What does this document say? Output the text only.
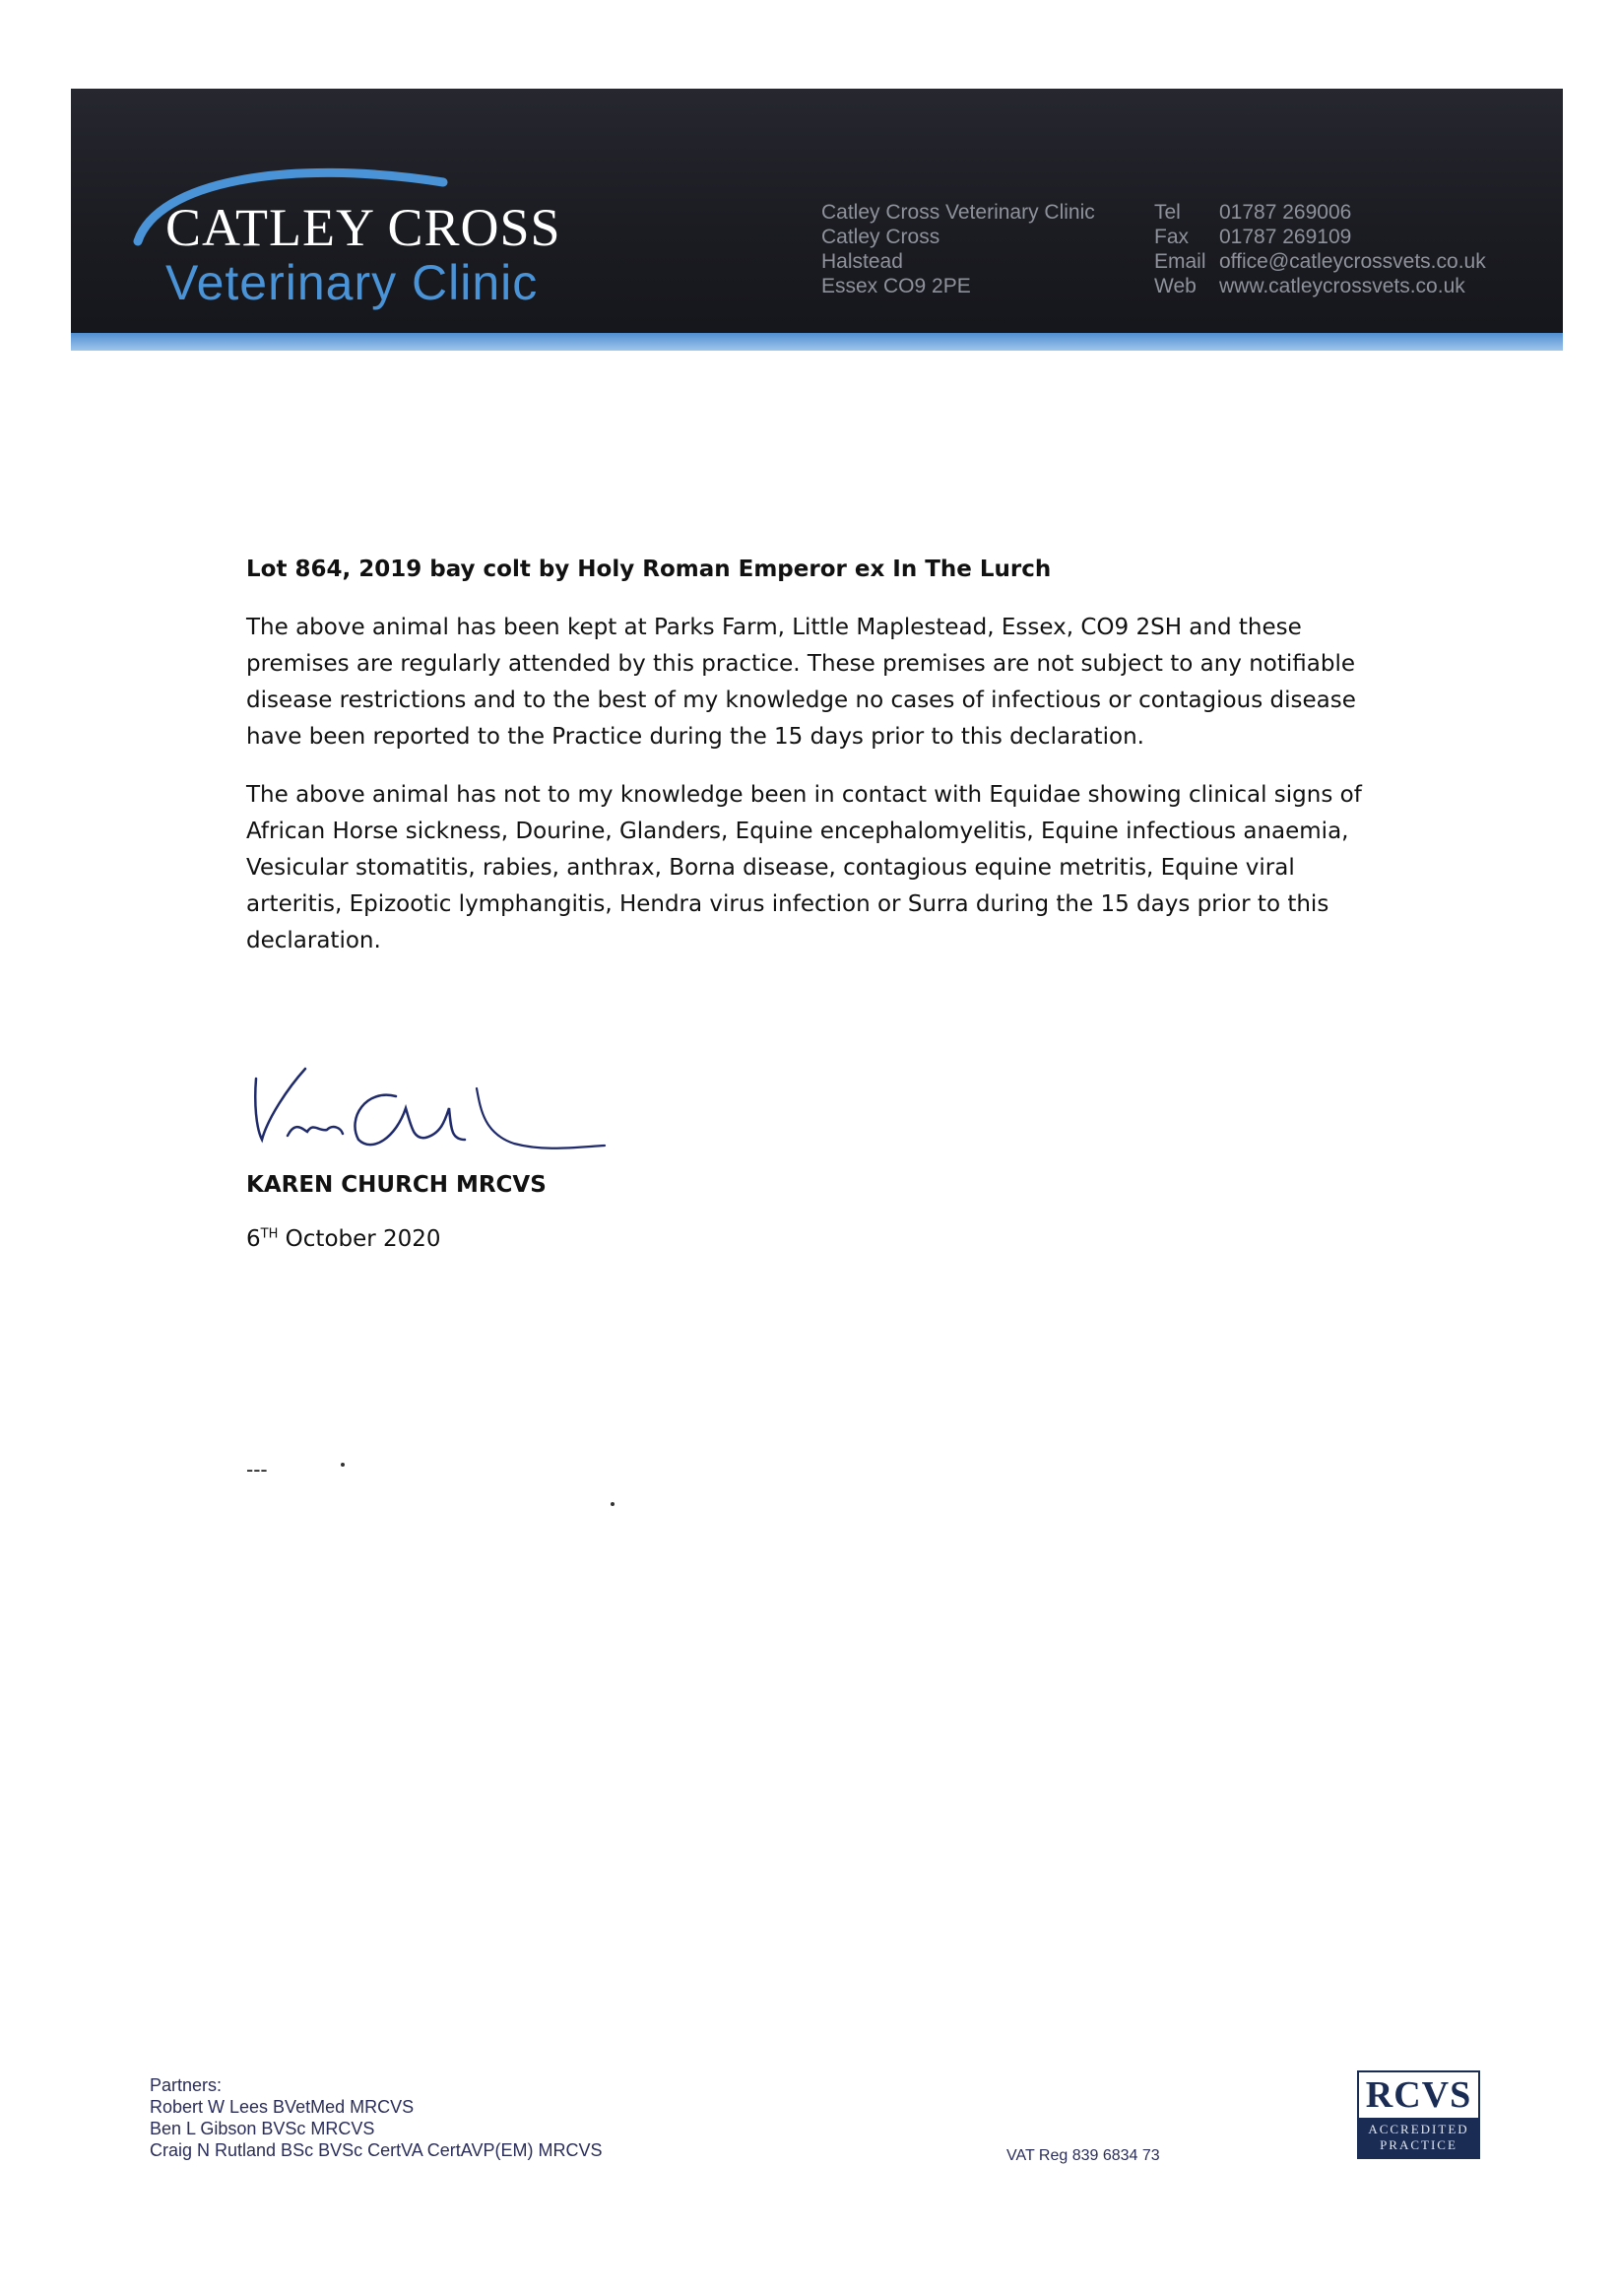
CATLEY CROSS
Veterinary Clinic
Catley Cross Veterinary Clinic
Catley Cross
Halstead
Essex CO9 2PE
Tel	01787 269006
Fax	01787 269109
Email office@catleycrossvets.co.uk
Web	www.catleycrossvets.co.uk

Lot 864, 2019 bay colt by Holy Roman Emperor ex In The Lurch

The above animal has been kept at Parks Farm, Little Maplestead, Essex, CO9 2SH and these premises are regularly attended by this practice. These premises are not subject to any notifiable disease restrictions and to the best of my knowledge no cases of infectious or contagious disease have been reported to the Practice during the 15 days prior to this declaration.

The above animal has not to my knowledge been in contact with Equidae showing clinical signs of African Horse sickness, Dourine, Glanders, Equine encephalomyelitis, Equine infectious anaemia, Vesicular stomatitis, rabies, anthrax, Borna disease, contagious equine metritis, Equine viral arteritis, Epizootic lymphangitis, Hendra virus infection or Surra during the 15 days prior to this declaration.

KAREN CHURCH MRCVS
6TH October 2020
---
Partners:
Robert W Lees BVetMed MRCVS
Ben L Gibson BVSc MRCVS
Craig N Rutland BSc BVSc CertVA CertAVP(EM) MRCVS	VAT Reg 839 6834 73
RCVS
ACCREDITED
PRACTICE
